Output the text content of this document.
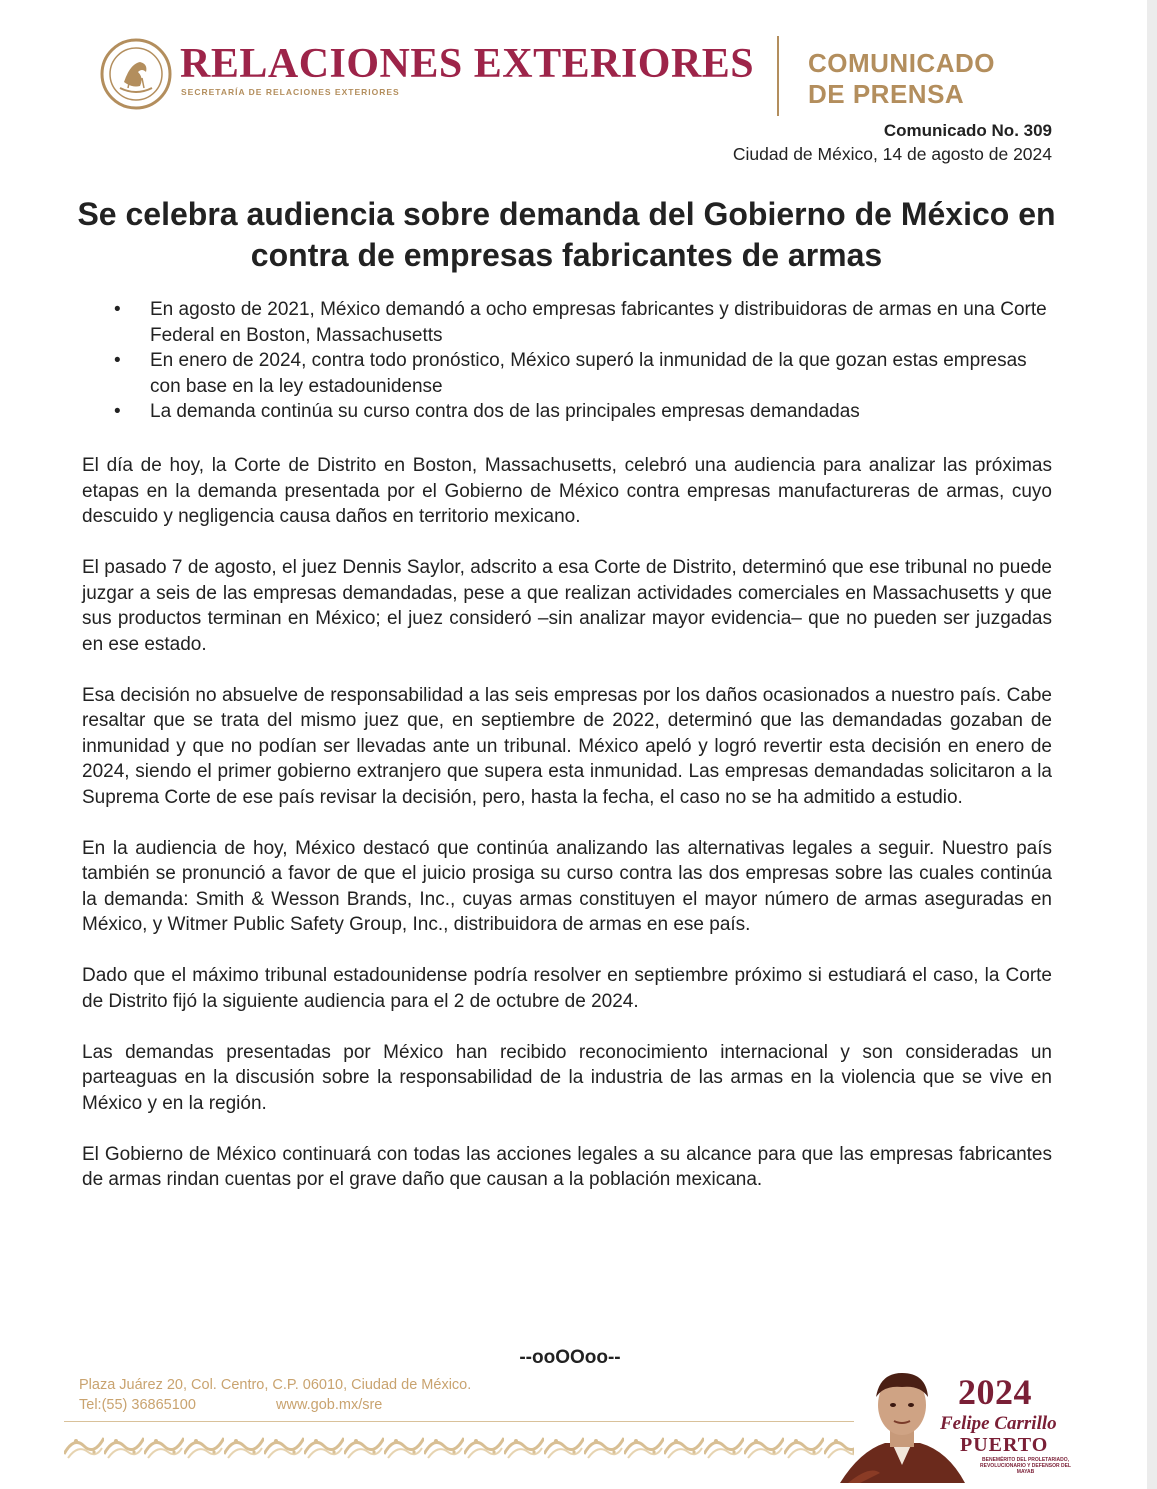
RELACIONES EXTERIORES
SECRETARÍA DE RELACIONES EXTERIORES
COMUNICADO
DE PRENSA
Comunicado No. 309
Ciudad de México, 14 de agosto de 2024
Se celebra audiencia sobre demanda del Gobierno de México en contra de empresas fabricantes de armas
• En agosto de 2021, México demandó a ocho empresas fabricantes y distribuidoras de armas en una Corte Federal en Boston, Massachusetts
• En enero de 2024, contra todo pronóstico, México superó la inmunidad de la que gozan estas empresas con base en la ley estadounidense
• La demanda continúa su curso contra dos de las principales empresas demandadas

El día de hoy, la Corte de Distrito en Boston, Massachusetts, celebró una audiencia para analizar las próximas etapas en la demanda presentada por el Gobierno de México contra empresas manufactureras de armas, cuyo descuido y negligencia causa daños en territorio mexicano.

El pasado 7 de agosto, el juez Dennis Saylor, adscrito a esa Corte de Distrito, determinó que ese tribunal no puede juzgar a seis de las empresas demandadas, pese a que realizan actividades comerciales en Massachusetts y que sus productos terminan en México; el juez consideró –sin analizar mayor evidencia– que no pueden ser juzgadas en ese estado.

Esa decisión no absuelve de responsabilidad a las seis empresas por los daños ocasionados a nuestro país. Cabe resaltar que se trata del mismo juez que, en septiembre de 2022, determinó que las demandadas gozaban de inmunidad y que no podían ser llevadas ante un tribunal. México apeló y logró revertir esta decisión en enero de 2024, siendo el primer gobierno extranjero que supera esta inmunidad. Las empresas demandadas solicitaron a la Suprema Corte de ese país revisar la decisión, pero, hasta la fecha, el caso no se ha admitido a estudio.

En la audiencia de hoy, México destacó que continúa analizando las alternativas legales a seguir. Nuestro país también se pronunció a favor de que el juicio prosiga su curso contra las dos empresas sobre las cuales continúa la demanda: Smith & Wesson Brands, Inc., cuyas armas constituyen el mayor número de armas aseguradas en México, y Witmer Public Safety Group, Inc., distribuidora de armas en ese país.

Dado que el máximo tribunal estadounidense podría resolver en septiembre próximo si estudiará el caso, la Corte de Distrito fijó la siguiente audiencia para el 2 de octubre de 2024.

Las demandas presentadas por México han recibido reconocimiento internacional y son consideradas un parteaguas en la discusión sobre la responsabilidad de la industria de las armas en la violencia que se vive en México y en la región.

El Gobierno de México continuará con todas las acciones legales a su alcance para que las empresas fabricantes de armas rindan cuentas por el grave daño que causan a la población mexicana.

--ooOOoo--
Plaza Juárez 20, Col. Centro, C.P. 06010, Ciudad de México.
Tel:(55) 36865100	www.gob.mx/sre	2024
Felipe Carrillo
PUERTO
BENEMÉRITO DEL PROLETARIADO, REVOLUCIONARIO Y DEFENSOR DEL MAYAB
